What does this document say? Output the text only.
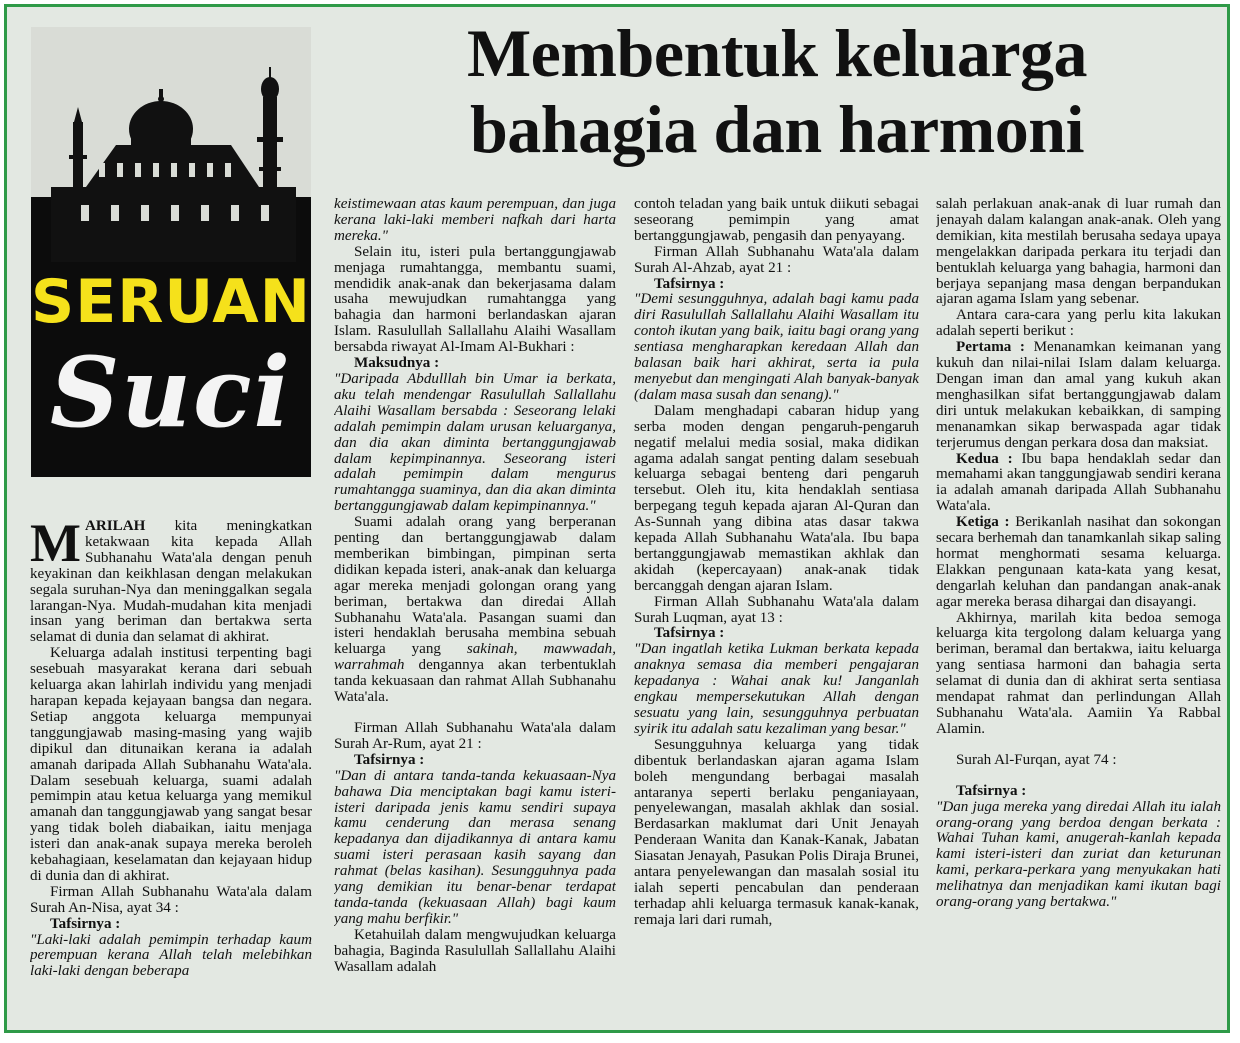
SERUAN
Suci
Membentuk keluarga
bahagia dan harmoni

MARILAH kita meningkatkan ketakwaan kita kepada Allah Subhanahu Wata'ala dengan penuh keyakinan dan keikhlasan dengan melakukan segala suruhan-Nya dan meninggalkan segala larangan-Nya. Mudah-mudahan kita menjadi insan yang beriman dan bertakwa serta selamat di dunia dan selamat di akhirat.

Keluarga adalah institusi terpenting bagi sesebuah masyarakat kerana dari sebuah keluarga akan lahirlah individu yang menjadi harapan kepada kejayaan bangsa dan negara. Setiap anggota keluarga mempunyai tanggungjawab masing-masing yang wajib dipikul dan ditunaikan kerana ia adalah amanah daripada Allah Subhanahu Wata'ala. Dalam sesebuah keluarga, suami adalah pemimpin atau ketua keluarga yang memikul amanah dan tanggungjawab yang sangat besar yang tidak boleh diabaikan, iaitu menjaga isteri dan anak-anak supaya mereka beroleh kebahagiaan, keselamatan dan kejayaan hidup di dunia dan di akhirat.

Firman Allah Subhanahu Wata'ala dalam Surah An-Nisa, ayat 34 :

Tafsirnya :

"Laki-laki adalah pemimpin terhadap kaum perempuan kerana Allah telah melebihkan laki-laki dengan beberapa

keistimewaan atas kaum perempuan, dan juga kerana laki-laki memberi nafkah dari harta mereka."

Selain itu, isteri pula bertanggungjawab menjaga rumahtangga, membantu suami, mendidik anak-anak dan bekerjasama dalam usaha mewujudkan rumahtangga yang bahagia dan harmoni berlandaskan ajaran Islam. Rasulullah Sallallahu Alaihi Wasallam bersabda riwayat Al-Imam Al-Bukhari :

Maksudnya :

"Daripada Abdulllah bin Umar ia berkata, aku telah mendengar Rasulullah Sallallahu Alaihi Wasallam bersabda : Seseorang lelaki adalah pemimpin dalam urusan keluarganya, dan dia akan diminta bertanggungjawab dalam kepimpinannya. Seseorang isteri adalah pemimpin dalam mengurus rumahtangga suaminya, dan dia akan diminta bertanggungjawab dalam kepimpinannya."

Suami adalah orang yang berperanan penting dan bertanggungjawab dalam memberikan bimbingan, pimpinan serta didikan kepada isteri, anak-anak dan keluarga agar mereka menjadi golongan orang yang beriman, bertakwa dan diredai Allah Subhanahu Wata'ala. Pasangan suami dan isteri hendaklah berusaha membina sebuah keluarga yang sakinah, mawwadah, warrahmah dengannya akan terbentuklah tanda kekuasaan dan rahmat Allah Subhanahu Wata'ala.

Firman Allah Subhanahu Wata'ala dalam Surah Ar-Rum, ayat 21 :

Tafsirnya :

"Dan di antara tanda-tanda kekuasaan-Nya bahawa Dia menciptakan bagi kamu isteri-isteri daripada jenis kamu sendiri supaya kamu cenderung dan merasa senang kepadanya dan dijadikannya di antara kamu suami isteri perasaan kasih sayang dan rahmat (belas kasihan). Sesungguhnya pada yang demikian itu benar-benar terdapat tanda-tanda (kekuasaan Allah) bagi kaum yang mahu berfikir."

Ketahuilah dalam mengwujudkan keluarga bahagia, Baginda Rasulullah Sallallahu Alaihi Wasallam adalah

contoh teladan yang baik untuk diikuti sebagai seseorang pemimpin yang amat bertanggungjawab, pengasih dan penyayang.

Firman Allah Subhanahu Wata'ala dalam Surah Al-Ahzab, ayat 21 :

Tafsirnya :

"Demi sesungguhnya, adalah bagi kamu pada diri Rasulullah Sallallahu Alaihi Wasallam itu contoh ikutan yang baik, iaitu bagi orang yang sentiasa mengharapkan keredaan Allah dan balasan baik hari akhirat, serta ia pula menyebut dan mengingati Alah banyak-banyak (dalam masa susah dan senang)."

Dalam menghadapi cabaran hidup yang serba moden dengan pengaruh-pengaruh negatif melalui media sosial, maka didikan agama adalah sangat penting dalam sesebuah keluarga sebagai benteng dari pengaruh tersebut. Oleh itu, kita hendaklah sentiasa berpegang teguh kepada ajaran Al-Quran dan As-Sunnah yang dibina atas dasar takwa kepada Allah Subhanahu Wata'ala. Ibu bapa bertanggungjawab memastikan akhlak dan akidah (kepercayaan) anak-anak tidak bercanggah dengan ajaran Islam.

Firman Allah Subhanahu Wata'ala dalam Surah Luqman, ayat 13 :

Tafsirnya :

"Dan ingatlah ketika Lukman berkata kepada anaknya semasa dia memberi pengajaran kepadanya : Wahai anak ku! Janganlah engkau mempersekutukan Allah dengan sesuatu yang lain, sesungguhnya perbuatan syirik itu adalah satu kezaliman yang besar."

Sesungguhnya keluarga yang tidak dibentuk berlandaskan ajaran agama Islam boleh mengundang berbagai masalah antaranya seperti berlaku penganiayaan, penyelewangan, masalah akhlak dan sosial. Berdasarkan maklumat dari Unit Jenayah Penderaan Wanita dan Kanak-Kanak, Jabatan Siasatan Jenayah, Pasukan Polis Diraja Brunei, antara penyelewangan dan masalah sosial itu ialah seperti pencabulan dan penderaan terhadap ahli keluarga termasuk kanak-kanak, remaja lari dari rumah,

salah perlakuan anak-anak di luar rumah dan jenayah dalam kalangan anak-anak. Oleh yang demikian, kita mestilah berusaha sedaya upaya mengelakkan daripada perkara itu terjadi dan bentuklah keluarga yang bahagia, harmoni dan berjaya sepanjang masa dengan berpandukan ajaran agama Islam yang sebenar.

Antara cara-cara yang perlu kita lakukan adalah seperti berikut :

Pertama : Menanamkan keimanan yang kukuh dan nilai-nilai Islam dalam keluarga. Dengan iman dan amal yang kukuh akan menghasilkan sifat bertanggungjawab dalam diri untuk melakukan kebaikkan, di samping menanamkan sikap berwaspada agar tidak terjerumus dengan perkara dosa dan maksiat.

Kedua : Ibu bapa hendaklah sedar dan memahami akan tanggungjawab sendiri kerana ia adalah amanah daripada Allah Subhanahu Wata'ala.

Ketiga : Berikanlah nasihat dan sokongan secara berhemah dan tanamkanlah sikap saling hormat menghormati sesama keluarga. Elakkan pengunaan kata-kata yang kesat, dengarlah keluhan dan pandangan anak-anak agar mereka berasa dihargai dan disayangi.

Akhirnya, marilah kita bedoa semoga keluarga kita tergolong dalam keluarga yang beriman, beramal dan bertakwa, iaitu keluarga yang sentiasa harmoni dan bahagia serta selamat di dunia dan di akhirat serta sentiasa mendapat rahmat dan perlindungan Allah Subhanahu Wata'ala. Aamiin Ya Rabbal Alamin.

Surah Al-Furqan, ayat 74 :

Tafsirnya :

"Dan juga mereka yang diredai Allah itu ialah orang-orang yang berdoa dengan berkata : Wahai Tuhan kami, anugerah-kanlah kepada kami isteri-isteri dan zuriat dan keturunan kami, perkara-perkara yang menyukakan hati melihatnya dan menjadikan kami ikutan bagi orang-orang yang bertakwa."
